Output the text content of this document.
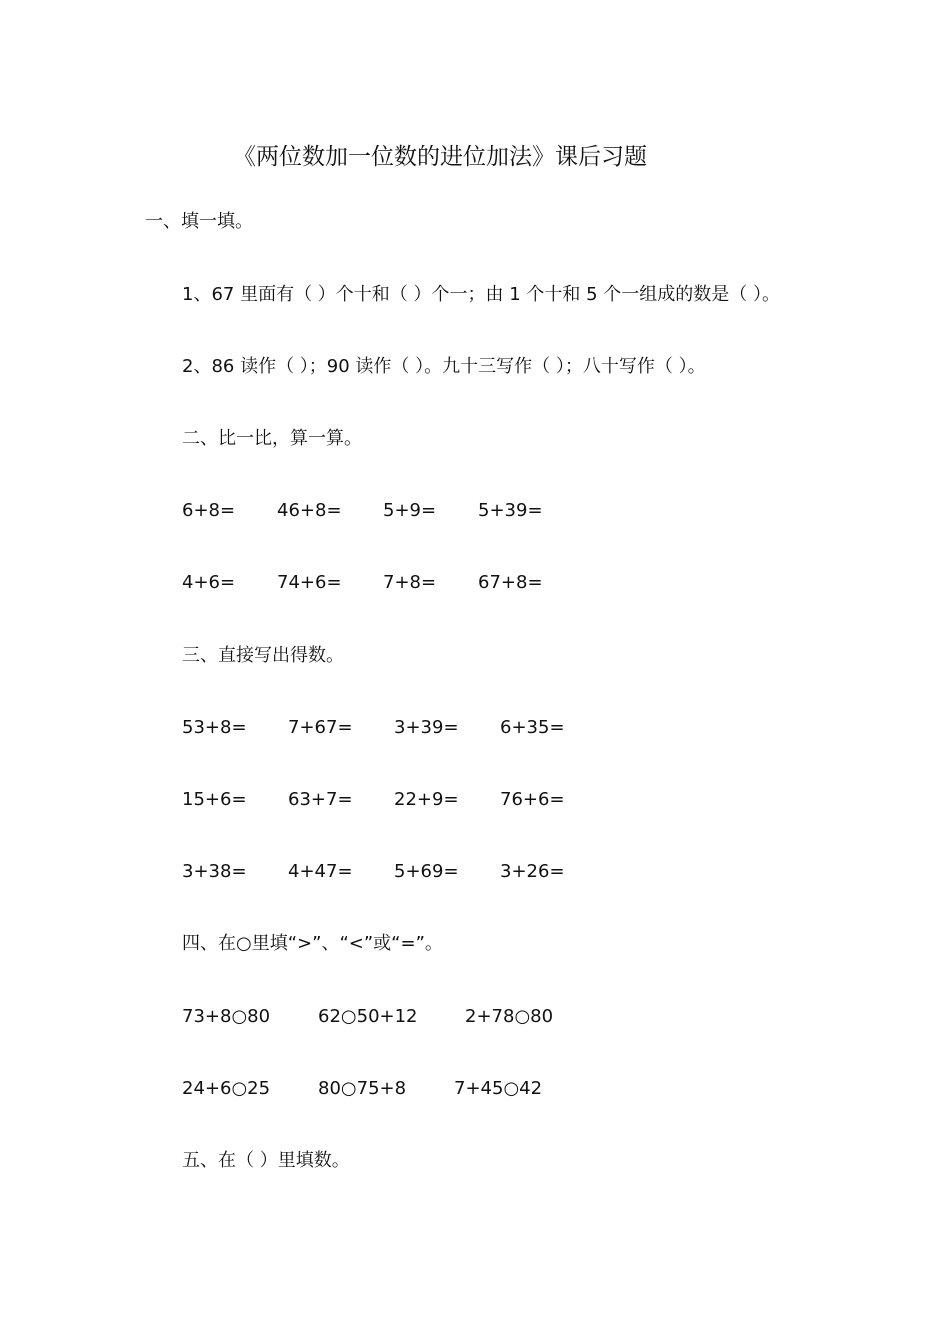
《两位数加一位数的进位加法》课后习题
一、填一填。
1、67 里面有（ ）个十和（ ）个一；由 1 个十和 5 个一组成的数是（ ）。
2、86 读作（ ）；90 读作（ ）。九十三写作（ ）；八十写作（ ）。
二、比一比，算一算。
6+8= 46+8= 5+9= 5+39=
4+6= 74+6= 7+8= 67+8=
三、直接写出得数。
53+8= 7+67= 3+39= 6+35=
15+6= 63+7= 22+9= 76+6=
3+38= 4+47= 5+69= 3+26=
四、在○里填“>”、“<”或“=”。
73+8○80	62○50+12	2+78○80
24+6○25	80○75+8	7+45○42
五、在（ ）里填数。
